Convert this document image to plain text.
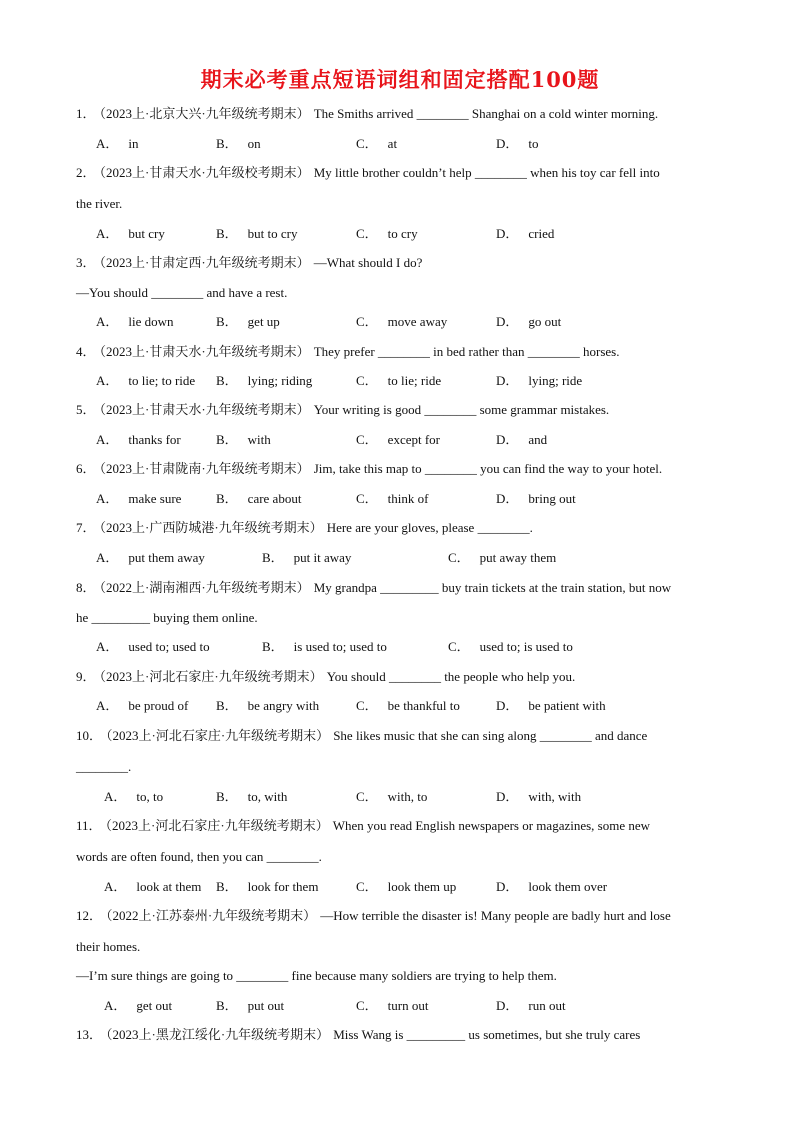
期末必考重点短语词组和固定搭配100题
1． （2023上·北京大兴·九年级统考期末） The Smiths arrived ________ Shanghai on a cold winter morning.
A． in	B． on	C． at	D． to
2． （2023上·甘肃天水·九年级校考期末） My little brother couldn’t help ________ when his toy car fell into
the river.
A． but cry	B． but to cry	C． to cry	D． cried
3． （2023上·甘肃定西·九年级统考期末） —What should I do?
—You should ________ and have a rest.
A． lie down	B． get up	C． move away	D． go out
4． （2023上·甘肃天水·九年级统考期末） They prefer ________ in bed rather than ________ horses.
A． to lie; to ride B． lying; riding	C． to lie; ride	D． lying; ride
5． （2023上·甘肃天水·九年级统考期末） Your writing is good ________ some grammar mistakes.
A． thanks for	B． with	C． except for	D． and
6． （2023上·甘肃陇南·九年级统考期末） Jim, take this map to ________ you can find the way to your hotel.
A． make sure	B． care about	C． think of	D． bring out
7． （2023上·广西防城港·九年级统考期末） Here are your gloves, please ________.
A． put them away	B． put it away	C． put away them
8． （2022上·湖南湘西·九年级统考期末） My grandpa _________ buy train tickets at the train station, but now
he _________ buying them online.
A． used to; used to	B． is used to; used to	C． used to; is used to
9． （2023上·河北石家庄·九年级统考期末） You should ________ the people who help you.
A． be proud of B． be angry with	C． be thankful to	D． be patient with
10． （2023上·河北石家庄·九年级统考期末） She likes music that she can sing along ________ and dance
________.
A． to, to	B． to, with	C． with, to	D． with, with
11． （2023上·河北石家庄·九年级统考期末） When you read English newspapers or magazines, some new
words are often found, then you can ________.
A． look at them B． look for them	C． look them up	D． look them over
12． （2022上·江苏泰州·九年级统考期末） —How terrible the disaster is! Many people are badly hurt and lose
their homes.
—I’m sure things are going to ________ fine because many soldiers are trying to help them.
A． get out	B． put out	C． turn out	D． run out
13． （2023上·黑龙江绥化·九年级统考期末） Miss Wang is _________ us sometimes, but she truly cares
